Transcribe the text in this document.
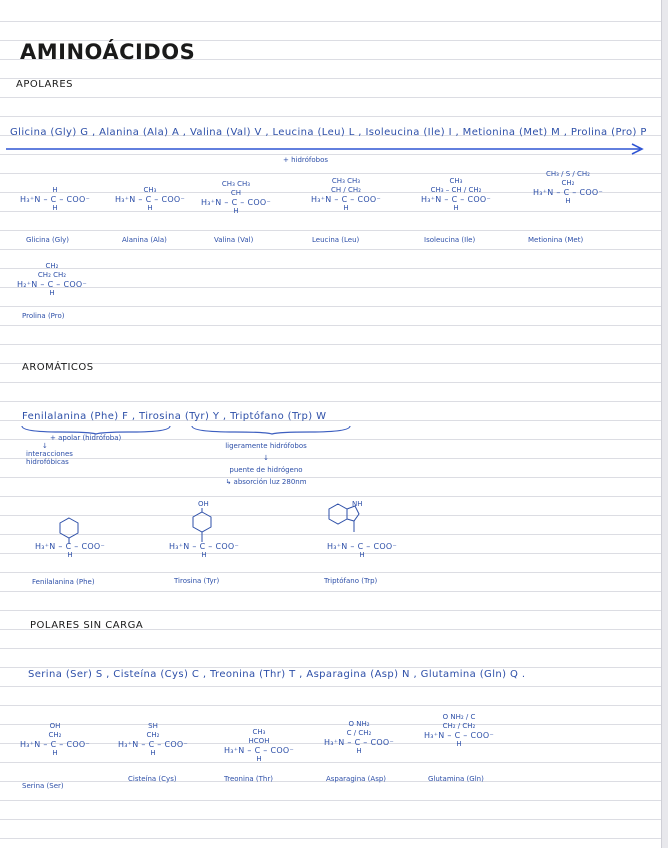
AMINOÁCIDOS
APOLARES
Glicina (Gly) G , Alanina (Ala) A , Valina (Val) V , Leucina (Leu) L , Isoleucina (Ile) I , Metionina (Met) M , Prolina (Pro) P
+ hidrófobos
H
H₃⁺N – C – COO⁻
H
Glicina (Gly)
CH₃
H₃⁺N – C – COO⁻
H
Alanina (Ala)
CH₃ CH₃
CH
H₃⁺N – C – COO⁻
H
Valina (Val)
CH₃ CH₃
CH / CH₂
H₃⁺N – C – COO⁻
H
Leucina (Leu)
CH₃
CH₃ – CH / CH₂
H₃⁺N – C – COO⁻
H
Isoleucina (Ile)
CH₃ / S / CH₂
CH₂
H₃⁺N – C – COO⁻
H
Metionina (Met)
CH₂
CH₂ CH₂
H₂⁺N – C – COO⁻
H
Prolina (Pro)
AROMÁTICOS
Fenilalanina (Phe) F , Tirosina (Tyr) Y , Triptófano (Trp) W
+ apolar (hidrófoba)
↓
interacciones
hidrofóbicas
ligeramente hidrófobos
↓
puente de hidrógeno
↳ absorción luz 280nm
H₃⁺N – C – COO⁻
H
Fenilalanina (Phe)
OH
H₃⁺N – C – COO⁻
H
Tirosina (Tyr)
NH
H₃⁺N – C – COO⁻
H
Triptófano (Trp)
POLARES SIN CARGA
Serina (Ser) S , Cisteína (Cys) C , Treonina (Thr) T , Asparagina (Asp) N , Glutamina (Gln) Q .
OH
CH₂
H₃⁺N – C – COO⁻
H
Serina (Ser)
SH
CH₂
H₃⁺N – C – COO⁻
H
Cisteína (Cys)
CH₃
HCOH
H₃⁺N – C – COO⁻
H
Treonina (Thr)
O NH₂
C / CH₂
H₃⁺N – C – COO⁻
H
Asparagina (Asp)
O NH₂ / C
CH₂ / CH₂
H₃⁺N – C – COO⁻
H
Glutamina (Gln)
